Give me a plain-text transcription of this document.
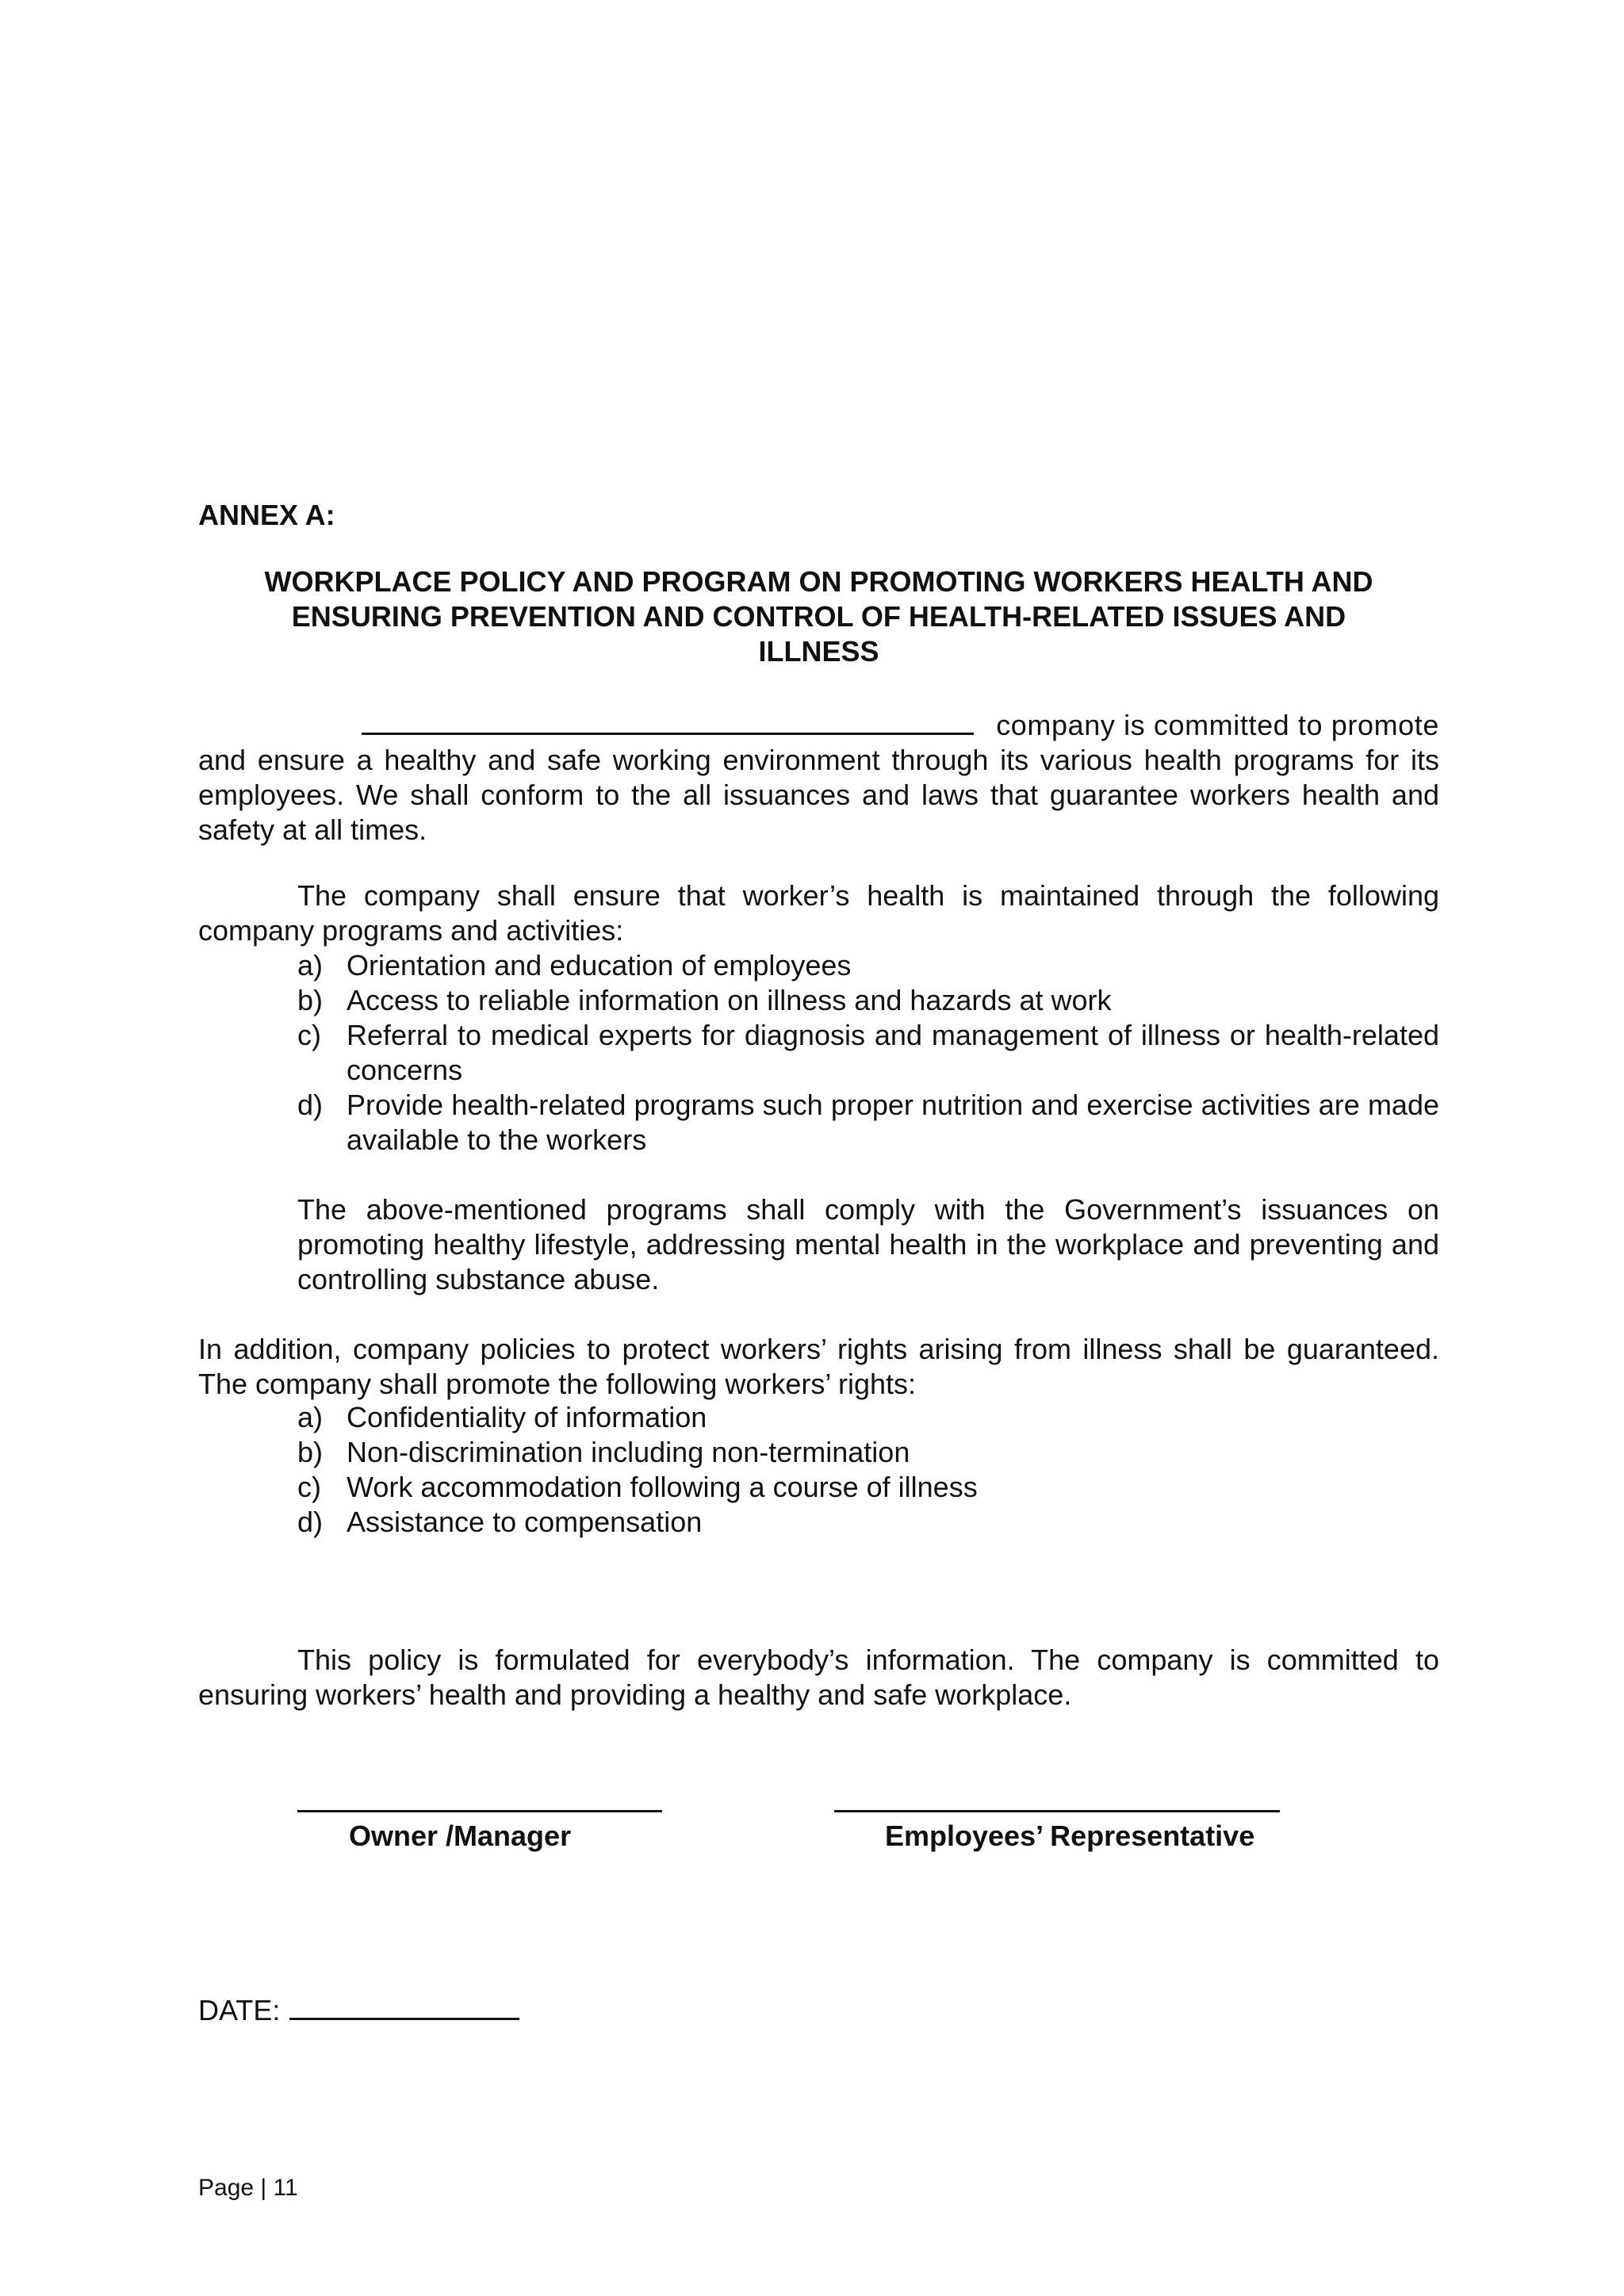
ANNEX A:
WORKPLACE POLICY AND PROGRAM ON PROMOTING WORKERS HEALTH AND
ENSURING PREVENTION AND CONTROL OF HEALTH-RELATED ISSUES AND
ILLNESS
company is committed to promote
and ensure a healthy and safe working environment through its various health programs for its employees. We shall conform to the all issuances and laws that guarantee workers health and safety at all times.
The company shall ensure that worker’s health is maintained through the following company programs and activities:
a) Orientation and education of employees
b) Access to reliable information on illness and hazards at work
c) Referral to medical experts for diagnosis and management of illness or health-related concerns
d) Provide health-related programs such proper nutrition and exercise activities are made available to the workers
The above-mentioned programs shall comply with the Government’s issuances on promoting healthy lifestyle, addressing mental health in the workplace and preventing and controlling substance abuse.
In addition, company policies to protect workers’ rights arising from illness shall be guaranteed. The company shall promote the following workers’ rights:
a) Confidentiality of information
b) Non-discrimination including non-termination
c) Work accommodation following a course of illness
d) Assistance to compensation
This policy is formulated for everybody’s information. The company is committed to ensuring workers’ health and providing a healthy and safe workplace.
Owner /Manager	Employees’ Representative
DATE:
Page | 11
